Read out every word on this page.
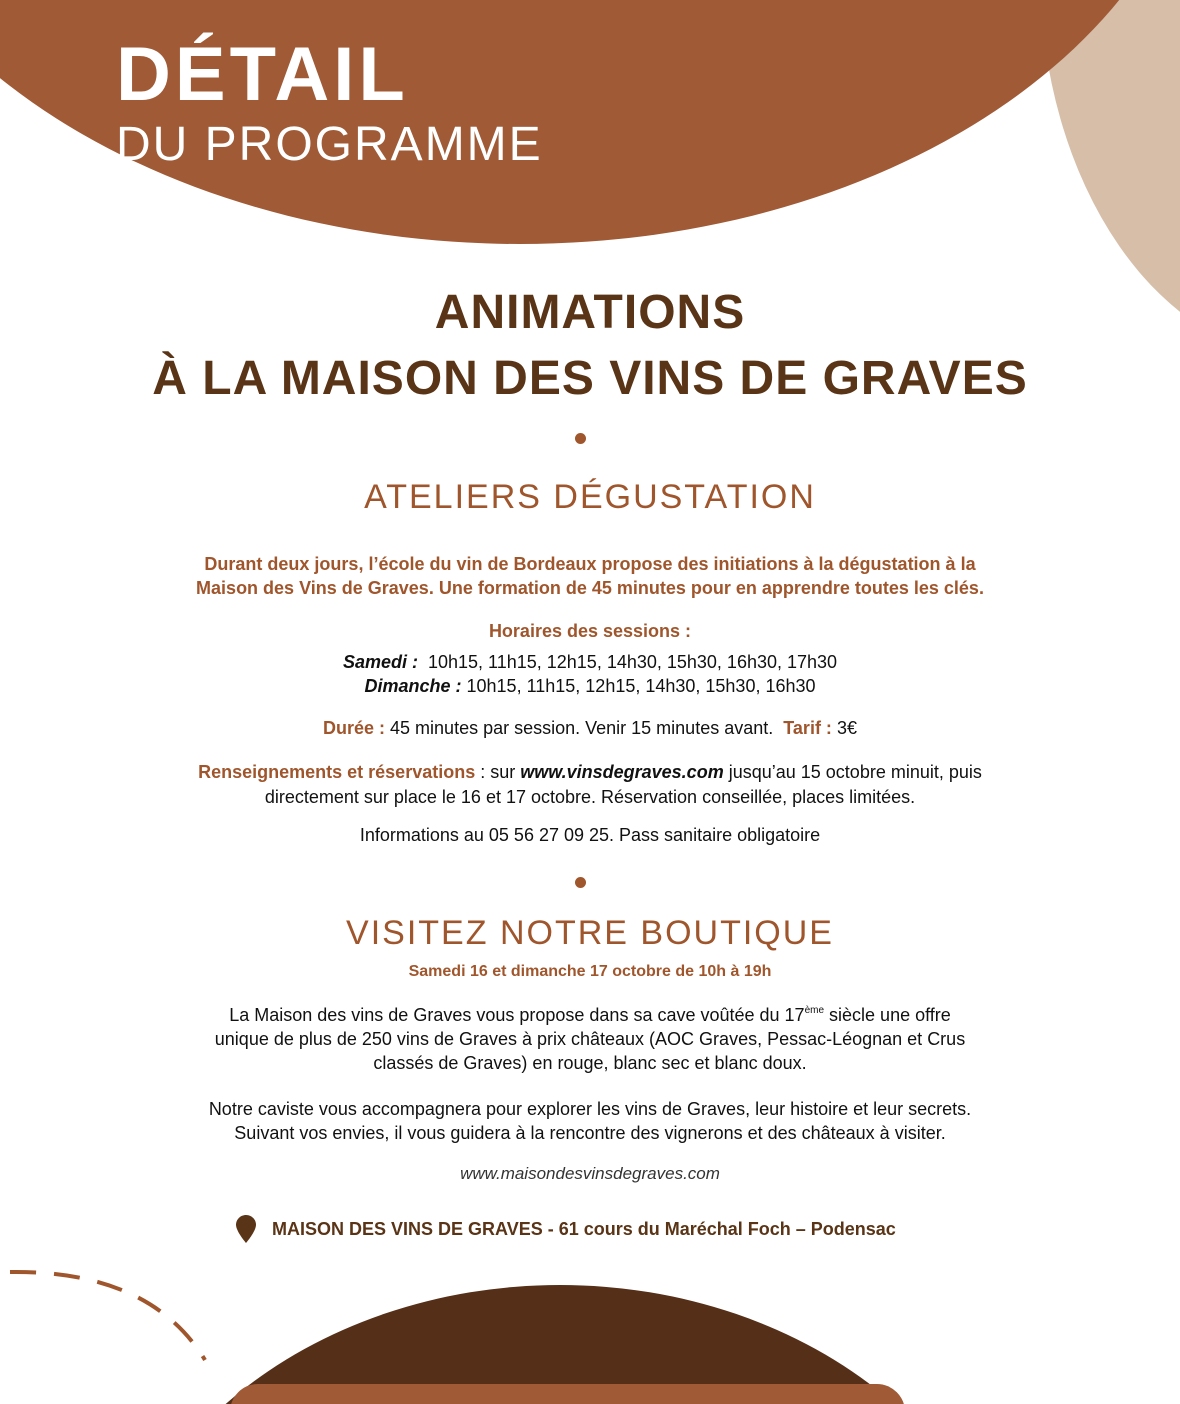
DÉTAIL
DU PROGRAMME
ANIMATIONS
À LA MAISON DES VINS DE GRAVES
ATELIERS DÉGUSTATION
Durant deux jours, l’école du vin de Bordeaux propose des initiations à la dégustation à la
Maison des Vins de Graves. Une formation de 45 minutes pour en apprendre toutes les clés.
Horaires des sessions :
Samedi : 10h15, 11h15, 12h15, 14h30, 15h30, 16h30, 17h30
Dimanche : 10h15, 11h15, 12h15, 14h30, 15h30, 16h30
Durée : 45 minutes par session. Venir 15 minutes avant. Tarif : 3€
Renseignements et réservations : sur www.vinsdegraves.com jusqu’au 15 octobre minuit, puis
directement sur place le 16 et 17 octobre. Réservation conseillée, places limitées.
Informations au 05 56 27 09 25. Pass sanitaire obligatoire
VISITEZ NOTRE BOUTIQUE
Samedi 16 et dimanche 17 octobre de 10h à 19h
La Maison des vins de Graves vous propose dans sa cave voûtée du 17ème siècle une offre
unique de plus de 250 vins de Graves à prix châteaux (AOC Graves, Pessac-Léognan et Crus
classés de Graves) en rouge, blanc sec et blanc doux.
Notre caviste vous accompagnera pour explorer les vins de Graves, leur histoire et leur secrets.
Suivant vos envies, il vous guidera à la rencontre des vignerons et des châteaux à visiter.
www.maisondesvinsdegraves.com
MAISON DES VINS DE GRAVES - 61 cours du Maréchal Foch – Podensac
